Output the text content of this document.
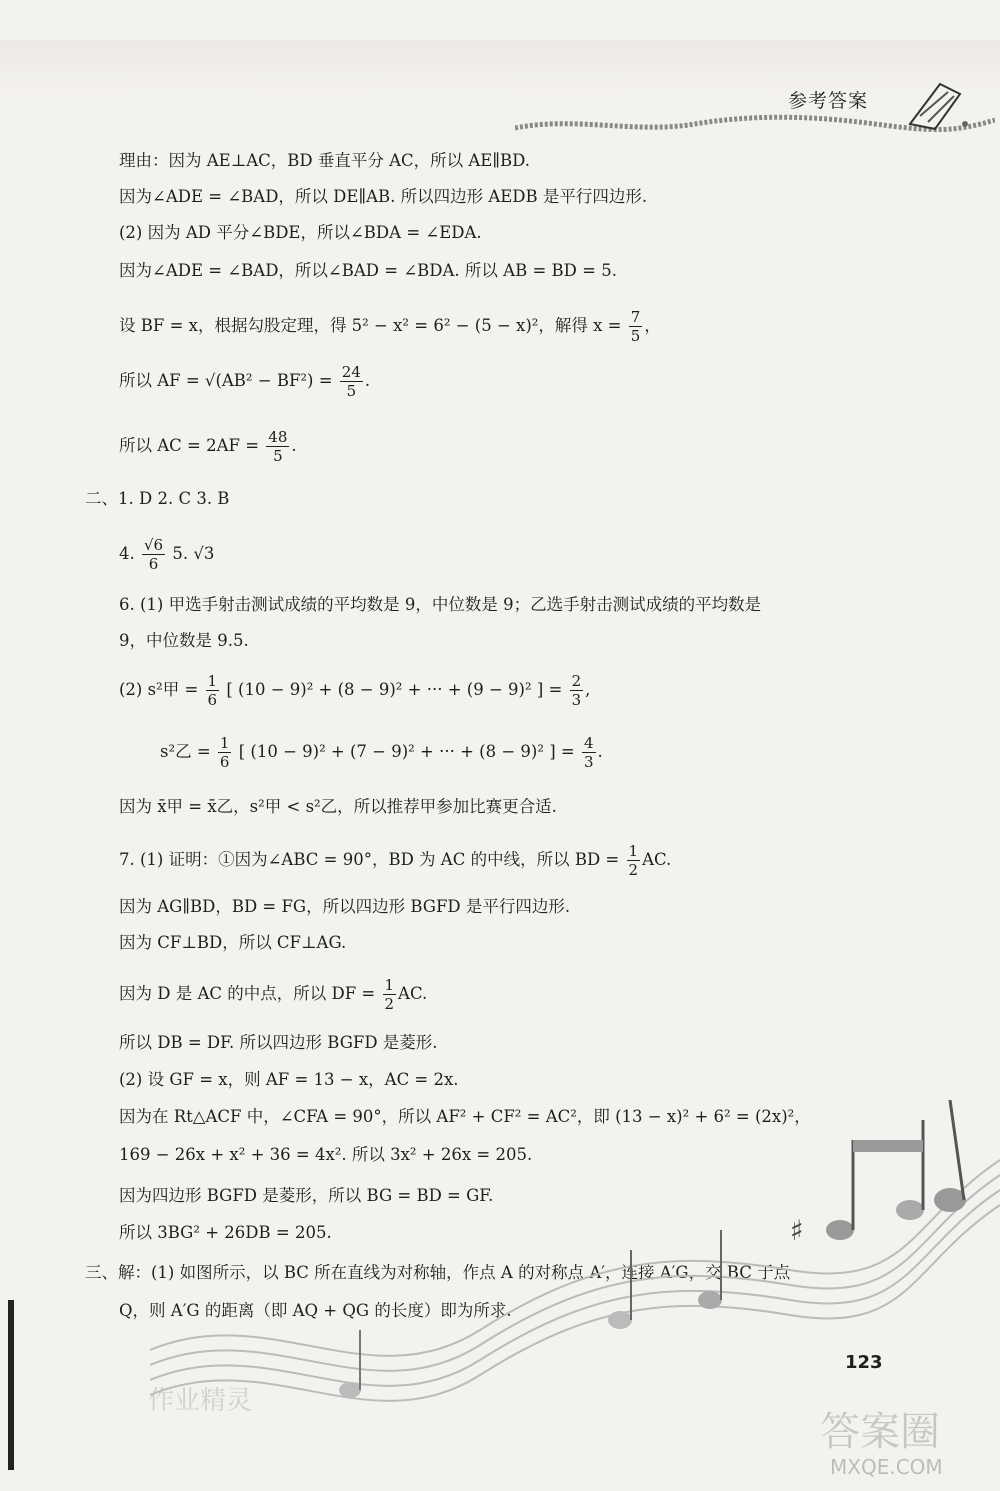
参考答案
理由：因为 AE⊥AC，BD 垂直平分 AC，所以 AE∥BD.
因为∠ADE = ∠BAD，所以 DE∥AB. 所以四边形 AEDB 是平行四边形.
(2) 因为 AD 平分∠BDE，所以∠BDA = ∠EDA.
因为∠ADE = ∠BAD，所以∠BAD = ∠BDA. 所以 AB = BD = 5.
设 BF = x，根据勾股定理，得 5² − x² = 6² − (5 − x)²，解得 $x = \frac{7}{5}$ ，
所以 AF = $√(AB^2 - BF^2) = \frac{24}{5}$ .
所以 AC = $2AF = \frac{48}{5}$ .
二、1. D 2. C 3. B
4. $\frac{√6}{6} 5$. √3
6. (1) 甲选手射击测试成绩的平均数是 9，中位数是 9；乙选手射击测试成绩的平均数是
9，中位数是 9.5.
(2) s²甲 = $\frac{1}{6}$ [ (10 − 9)² + (8 − 9)² + ··· + (9 − 9)² ] = $\frac{2}{3}$ ,
s²乙 = $\frac{1}{6}$ [ (10 − 9)² + (7 − 9)² + ··· + (8 − 9)² ] = $\frac{4}{3}$ .
因为 x̄甲 = x̄乙，s²甲 < s²乙，所以推荐甲参加比赛更合适.
7. (1) 证明：①因为∠ABC = 90°，BD 为 AC 的中线，所以 BD = $\frac{1}{2}$ AC.
因为 AG∥BD，BD = FG，所以四边形 BGFD 是平行四边形.
因为 CF⊥BD，所以 CF⊥AG.
因为 D 是 AC 的中点，所以 DF = $\frac{1}{2}$ AC.
所以 DB = DF. 所以四边形 BGFD 是菱形.
(2) 设 GF = x，则 AF = 13 − x，AC = 2x.
因为在 Rt△ACF 中，∠CFA = 90°，所以 AF² + CF² = AC²，即 (13 − x)² + 6² = (2x)²，
169 − 26x + x² + 36 = 4x². 所以 3x² + 26x = 205.
因为四边形 BGFD 是菱形，所以 BG = BD = GF.
所以 3BG² + 26DB = 205.
三、解：(1) 如图所示，以 BC 所在直线为对称轴，作点 A 的对称点 A′，连接 A′G，交 BC 于点
Q，则 A′G 的距离（即 AQ + QG 的长度）即为所求.
♯
123
作业精灵
答案圈
MXQE.COM
